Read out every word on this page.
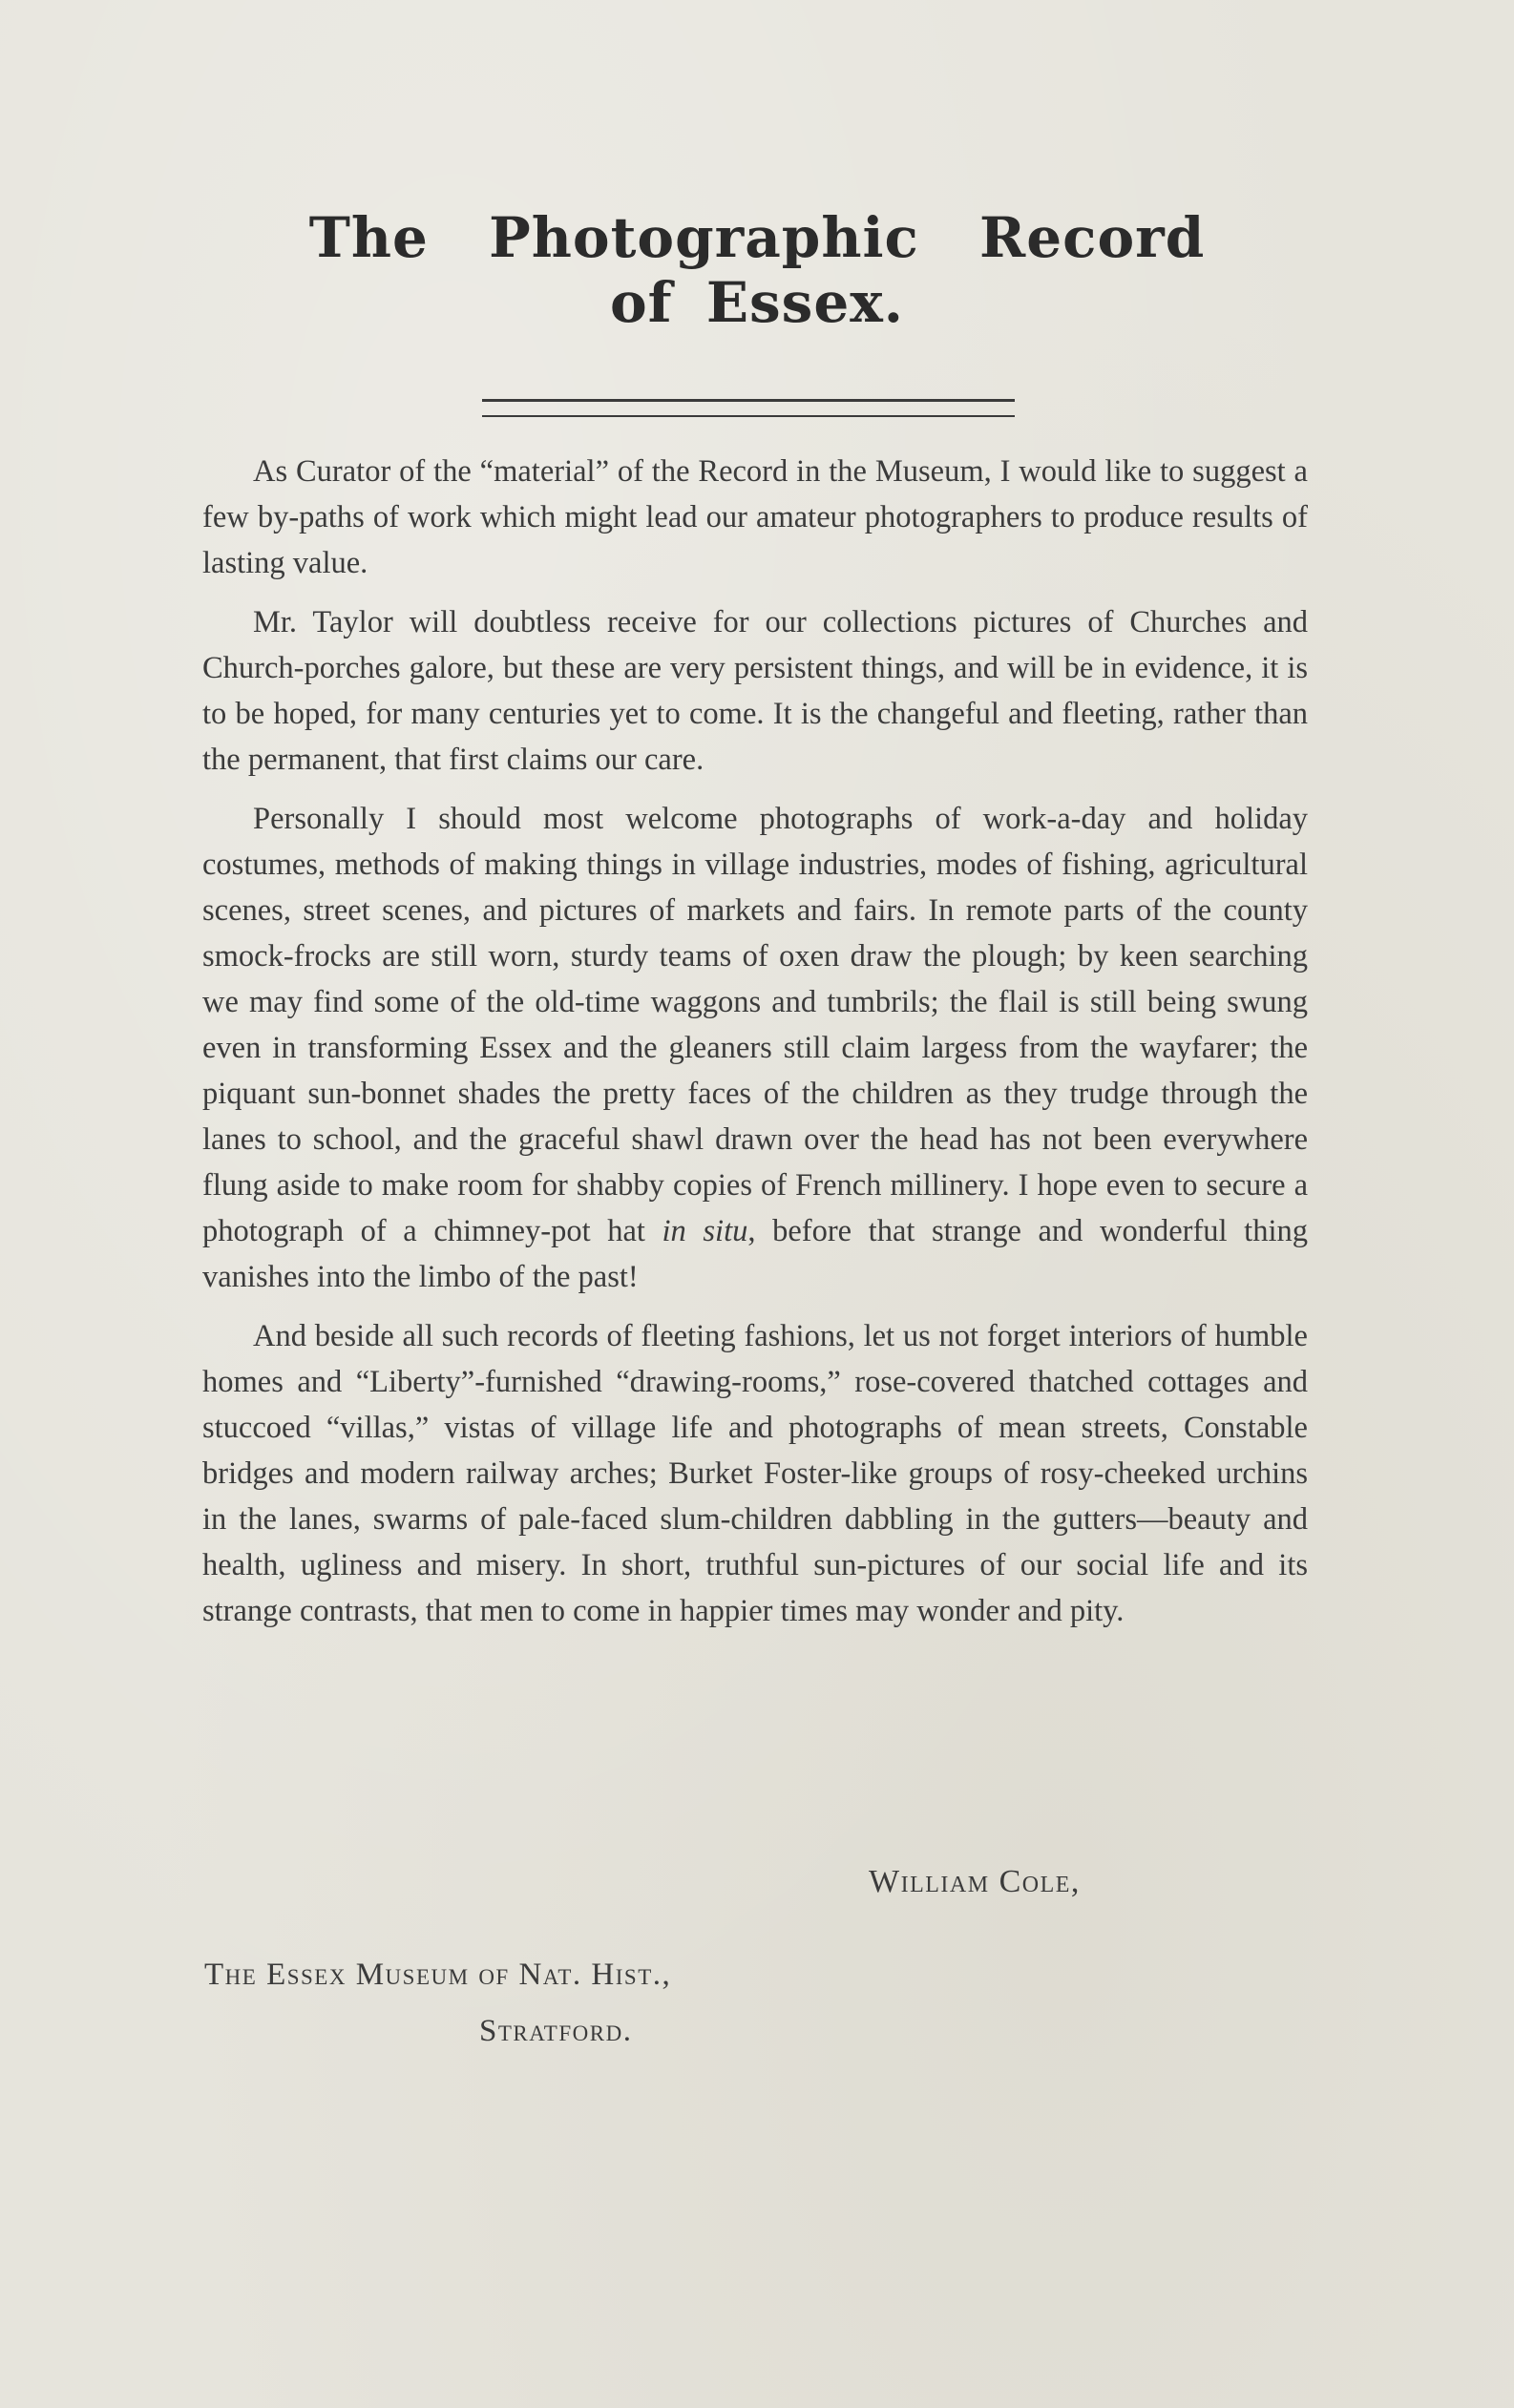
The Photographic Record
of Essex.

As Curator of the “material” of the Record in the Museum, I would like to suggest a few by-paths of work which might lead our amateur photographers to produce results of lasting value.

Mr. Taylor will doubtless receive for our collections pictures of Churches and Church-porches galore, but these are very persistent things, and will be in evidence, it is to be hoped, for many centuries yet to come. It is the changeful and fleeting, rather than the permanent, that first claims our care.

Personally I should most welcome photographs of work-a-day and holiday costumes, methods of making things in village industries, modes of fishing, agricultural scenes, street scenes, and pictures of markets and fairs. In remote parts of the county smock-frocks are still worn, sturdy teams of oxen draw the plough; by keen searching we may find some of the old-time waggons and tumbrils; the flail is still being swung even in transforming Essex and the gleaners still claim largess from the wayfarer; the piquant sun-bonnet shades the pretty faces of the children as they trudge through the lanes to school, and the graceful shawl drawn over the head has not been everywhere flung aside to make room for shabby copies of French millinery. I hope even to secure a photograph of a chimney-pot hat in situ, before that strange and wonderful thing vanishes into the limbo of the past!

And beside all such records of fleeting fashions, let us not forget interiors of humble homes and “Liberty”-furnished “drawing-rooms,” rose-covered thatched cottages and stuccoed “villas,” vistas of village life and photographs of mean streets, Constable bridges and modern railway arches; Burket Foster-like groups of rosy-cheeked urchins in the lanes, swarms of pale-faced slum-children dabbling in the gutters—beauty and health, ugliness and misery. In short, truthful sun-pictures of our social life and its strange contrasts, that men to come in happier times may wonder and pity.

William Cole,
The Essex Museum of Nat. Hist.,
Stratford.
